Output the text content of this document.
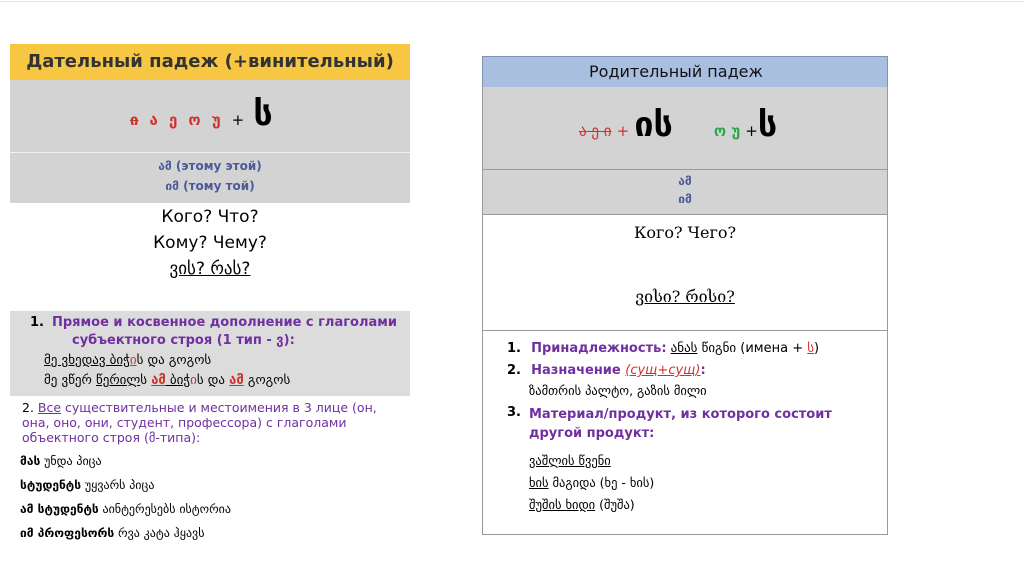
Дательный падеж (+винительный)
ი ა ე ო უ + ს
ამ (этому этой)
იმ (тому той)
Кого? Что?
Кому? Чему?
ვის? რას?
1. Прямое и косвенное дополнение с глаголами
субъектного строя (1 тип - ვ):
მე ვხედავ ბიჭის და გოგოს
მე ვწერ წერილს ამ ბიჭის და ამ გოგოს
2. Все существительные и местоимения в 3 лице (он, она, оно, они, студент, профессора) с глаголами объектного строя (მ-типа):
მას უნდა პიცა
სტუდენტს უყვარს პიცა
ამ სტუდენტს აინტერესებს ისტორია
იმ პროფესორს რვა კატა ჰყავს
Родительный падеж
ა ე ი + ის	ო უ +ს
ამ
იმ
Кого? Чего?
ვისი? რისი?
1. Принадлежность: ანას წიგნი (имена + ს)
2. Назначение (сущ+сущ):
ზამთრის პალტო, გაზის მილი
3. Материал/продукт, из которого состоит другой продукт:
ვაშლის წვენი
ხის მაგიდა (ხე - ხის)
შუშის ხიდი (შუშა)
